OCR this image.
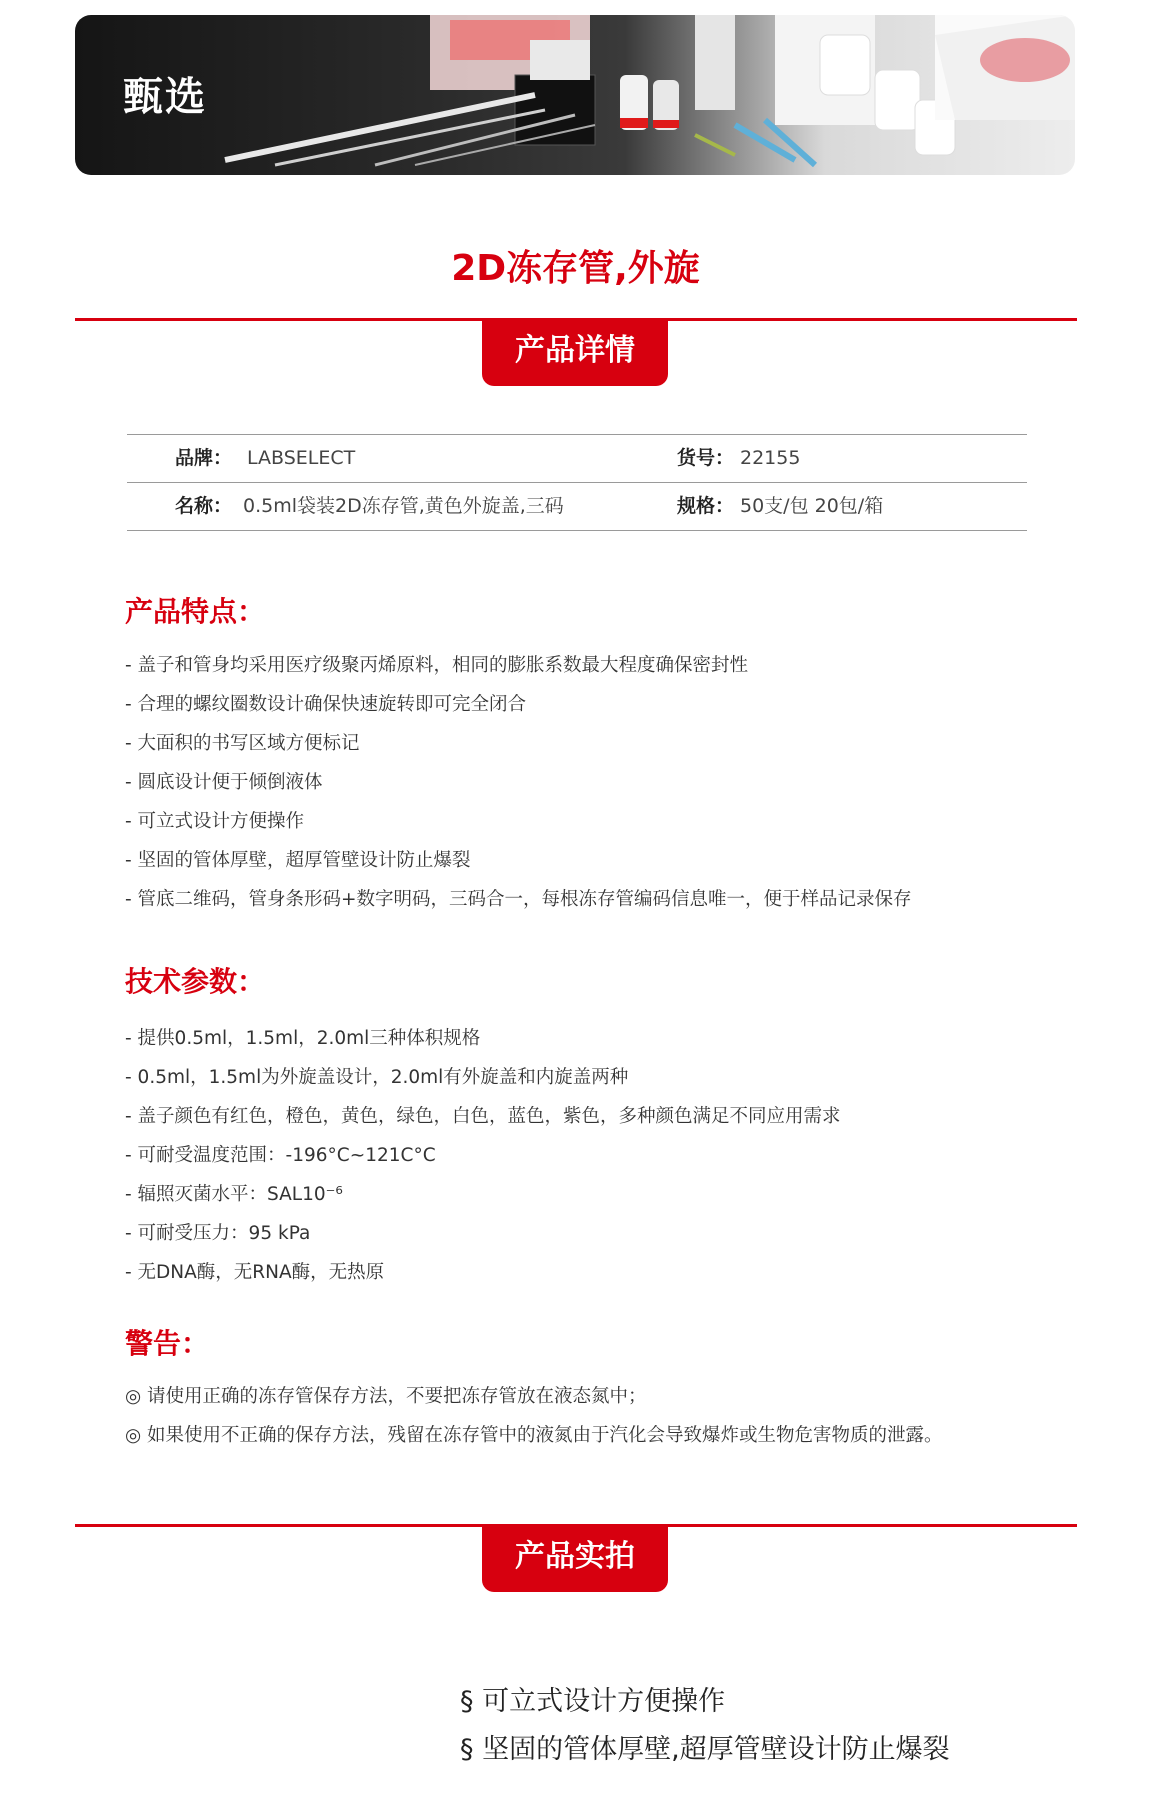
甄选
2D冻存管,外旋
产品详情
品牌： LABSELECT	货号： 22155
名称： 0.5ml袋装2D冻存管,黄色外旋盖,三码	规格： 50支/包 20包/箱
产品特点：
- 盖子和管身均采用医疗级聚丙烯原料，相同的膨胀系数最大程度确保密封性
- 合理的螺纹圈数设计确保快速旋转即可完全闭合
- 大面积的书写区域方便标记
- 圆底设计便于倾倒液体
- 可立式设计方便操作
- 坚固的管体厚壁，超厚管壁设计防止爆裂
- 管底二维码，管身条形码+数字明码，三码合一，每根冻存管编码信息唯一，便于样品记录保存
技术参数：
- 提供0.5ml，1.5ml，2.0ml三种体积规格
- 0.5ml，1.5ml为外旋盖设计，2.0ml有外旋盖和内旋盖两种
- 盖子颜色有红色，橙色，黄色，绿色，白色，蓝色，紫色，多种颜色满足不同应用需求
- 可耐受温度范围：-196°C~121C°C
- 辐照灭菌水平：SAL10⁻⁶
- 可耐受压力：95 kPa
- 无DNA酶，无RNA酶，无热原
警告：
◎ 请使用正确的冻存管保存方法，不要把冻存管放在液态氮中；
◎ 如果使用不正确的保存方法，残留在冻存管中的液氮由于汽化会导致爆炸或生物危害物质的泄露。
产品实拍
§ 可立式设计方便操作
§ 坚固的管体厚壁,超厚管壁设计防止爆裂
